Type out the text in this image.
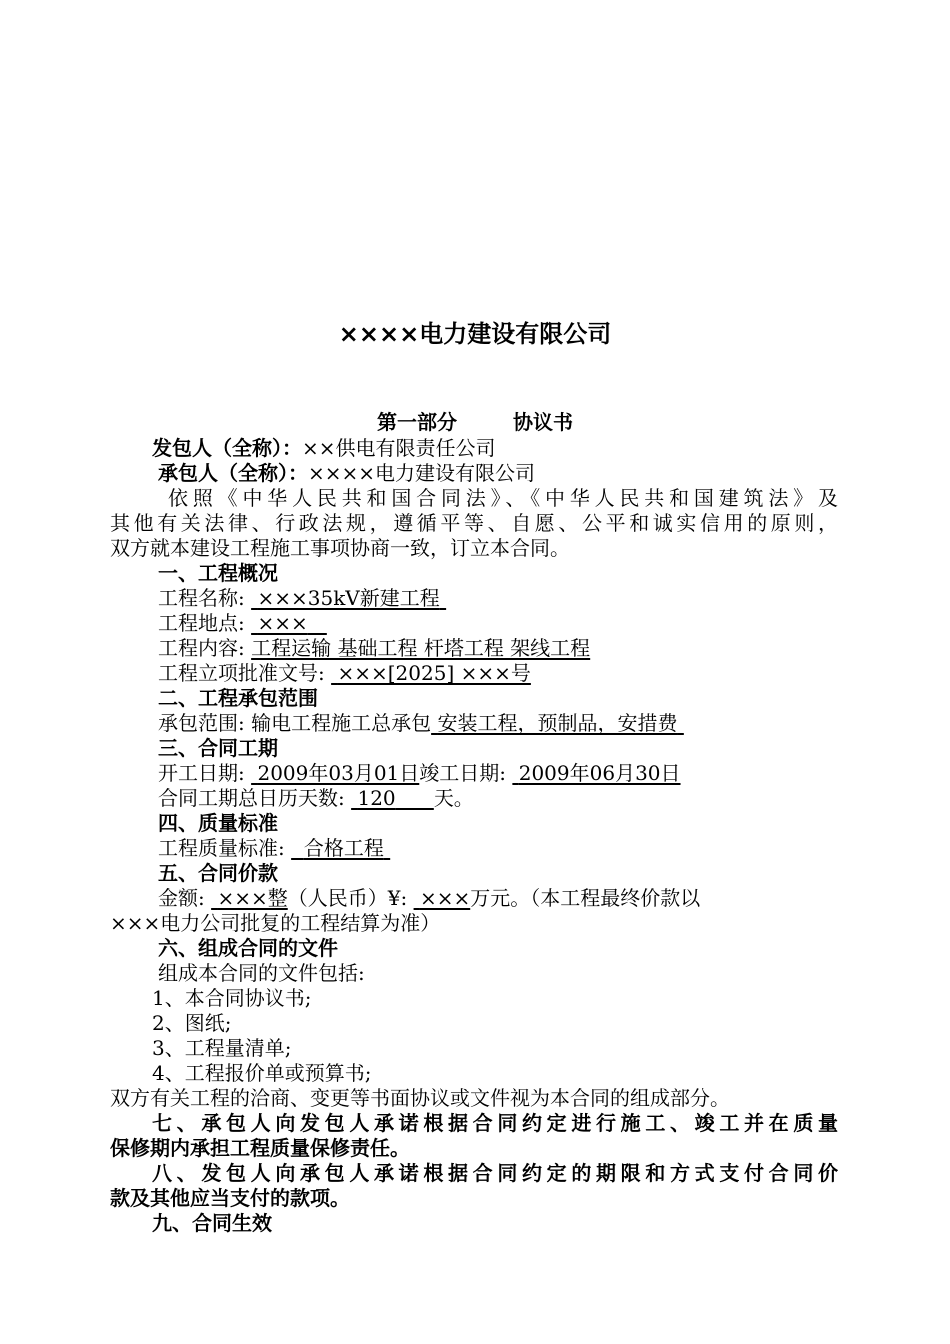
××××电力建设有限公司
第一部分	协议书
发包人（全称）：××供电有限责任公司
承包人（全称）：××××电力建设有限公司
依照《中华人民共和国合同法》、《中华人民共和国建筑法》及
其他有关法律、行政法规，遵循平等、自愿、公平和诚实信用的原则，
双方就本建设工程施工事项协商一致，订立本合同。
一、工程概况
工程名称: ×××35kV新建工程
工程地点: ×××
工程内容: 工程运输 基础工程 杆塔工程 架线工程
工程立项批准文号: ×××[2025] ×××号
二、工程承包范围
承包范围: 输电工程施工总承包 安装工程，预制品，安措费
三、合同工期
开工日期: 2009年03月01日竣工日期: 2009年06月30日
合同工期总日历天数: 120 天。
四、质量标准
工程质量标准: 合格工程
五、合同价款
金额: ×××整（人民币）¥: ×××万元。（本工程最终价款以
×××电力公司批复的工程结算为准）
六、组成合同的文件
组成本合同的文件包括:
1、本合同协议书;
2、图纸;
3、工程量清单;
4、工程报价单或预算书;
双方有关工程的洽商、变更等书面协议或文件视为本合同的组成部分。
七、承包人向发包人承诺根据合同约定进行施工、竣工并在质量
保修期内承担工程质量保修责任。
八、发包人向承包人承诺根据合同约定的期限和方式支付合同价
款及其他应当支付的款项。
九、合同生效
